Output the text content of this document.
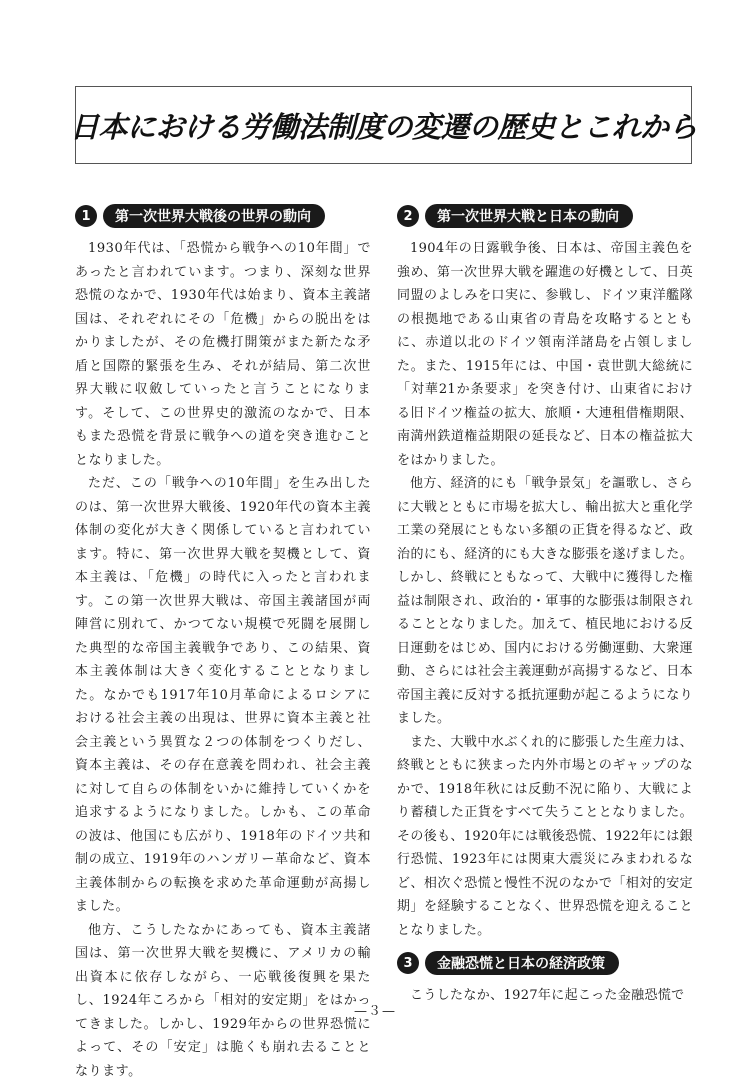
日本における労働法制度の変遷の歴史とこれから
1	第一次世界大戦後の世界の動向

1930年代は、「恐慌から戦争への10年間」であったと言われています。つまり、深刻な世界恐慌のなかで、1930年代は始まり、資本主義諸国は、それぞれにその「危機」からの脱出をはかりましたが、その危機打開策がまた新たな矛盾と国際的緊張を生み、それが結局、第二次世界大戦に収斂していったと言うことになります。そして、この世界史的激流のなかで、日本もまた恐慌を背景に戦争への道を突き進むこととなりました。

ただ、この「戦争への10年間」を生み出したのは、第一次世界大戦後、1920年代の資本主義体制の変化が大きく関係していると言われています。特に、第一次世界大戦を契機として、資本主義は、「危機」の時代に入ったと言われます。この第一次世界大戦は、帝国主義諸国が両陣営に別れて、かつてない規模で死闘を展開した典型的な帝国主義戦争であり、この結果、資本主義体制は大きく変化することとなりました。なかでも1917年10月革命によるロシアにおける社会主義の出現は、世界に資本主義と社会主義という異質な２つの体制をつくりだし、資本主義は、その存在意義を問われ、社会主義に対して自らの体制をいかに維持していくかを追求するようになりました。しかも、この革命の波は、他国にも広がり、1918年のドイツ共和制の成立、1919年のハンガリー革命など、資本主義体制からの転換を求めた革命運動が高揚しました。

他方、こうしたなかにあっても、資本主義諸国は、第一次世界大戦を契機に、アメリカの輸出資本に依存しながら、一応戦後復興を果たし、1924年ころから「相対的安定期」をはかってきました。しかし、1929年からの世界恐慌によって、その「安定」は脆くも崩れ去ることとなります。

2	第一次世界大戦と日本の動向

1904年の日露戦争後、日本は、帝国主義色を強め、第一次世界大戦を躍進の好機として、日英同盟のよしみを口実に、参戦し、ドイツ東洋艦隊の根拠地である山東省の青島を攻略するとともに、赤道以北のドイツ領南洋諸島を占領しました。また、1915年には、中国・袁世凱大総統に「対華21か条要求」を突き付け、山東省における旧ドイツ権益の拡大、旅順・大連租借権期限、南満州鉄道権益期限の延長など、日本の権益拡大をはかりました。

他方、経済的にも「戦争景気」を謳歌し、さらに大戦とともに市場を拡大し、輸出拡大と重化学工業の発展にともない多額の正貨を得るなど、政治的にも、経済的にも大きな膨張を遂げました。しかし、終戦にともなって、大戦中に獲得した権益は制限され、政治的・軍事的な膨張は制限されることとなりました。加えて、植民地における反日運動をはじめ、国内における労働運動、大衆運動、さらには社会主義運動が高揚するなど、日本帝国主義に反対する抵抗運動が起こるようになりました。

また、大戦中水ぶくれ的に膨張した生産力は、終戦とともに狭まった内外市場とのギャップのなかで、1918年秋には反動不況に陥り、大戦により蓄積した正貨をすべて失うこととなりました。その後も、1920年には戦後恐慌、1922年には銀行恐慌、1923年には関東大震災にみまわれるなど、相次ぐ恐慌と慢性不況のなかで「相対的安定期」を経験することなく、世界恐慌を迎えることとなりました。

3	金融恐慌と日本の経済政策

こうしたなか、1927年に起こった金融恐慌で

—３—
